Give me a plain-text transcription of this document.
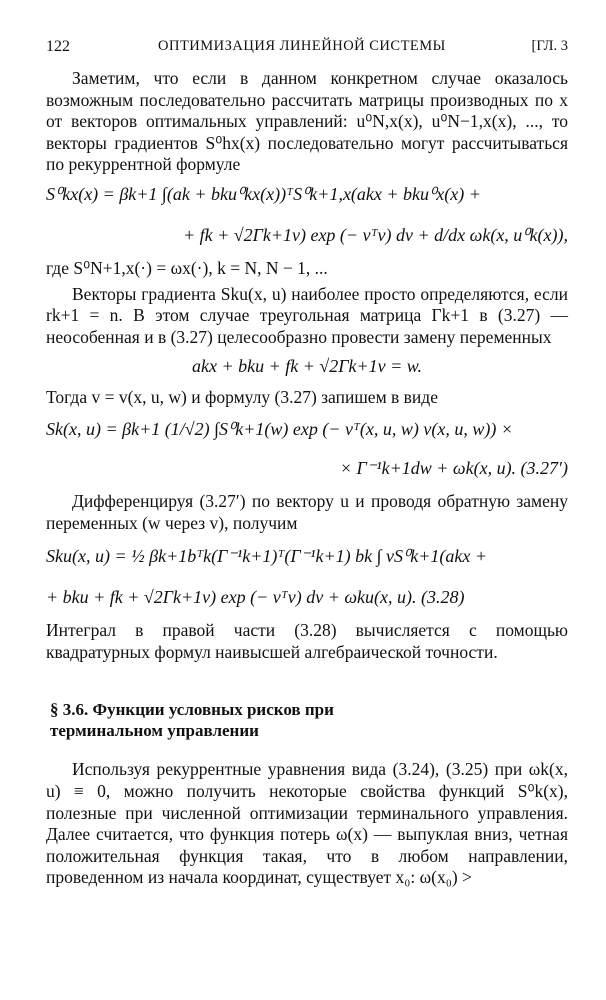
122	ОПТИМИЗАЦИЯ ЛИНЕЙНОЙ СИСТЕМЫ	[ГЛ. 3

Заметим, что если в данном конкретном случае оказалось возможным последовательно рассчитать матрицы производных по x от векторов оптимальных управлений: u⁰N,x(x), u⁰N−1,x(x), ..., то векторы градиентов S⁰hx(x) последовательно могут рассчитываться по рекуррентной формуле

S⁰kx(x) = βk+1 ∫(ak + bku⁰kx(x))ᵀS⁰k+1,x(akx + bku⁰x(x) +

+ fk + √2Γk+1v) exp (− vᵀv) dv + d/dx ωk(x, u⁰k(x)),

где S⁰N+1,x(·) = ωx(·), k = N, N − 1, ...

Векторы градиента Sku(x, u) наиболее просто определяются, если rk+1 = n. В этом случае треугольная матрица Γk+1 в (3.27) — неособенная и в (3.27) целесообразно провести замену переменных

akx + bku + fk + √2Γk+1v = w.

Тогда v = v(x, u, w) и формулу (3.27) запишем в виде

Sk(x, u) = βk+1 (1/√2) ∫S⁰k+1(w) exp (− vᵀ(x, u, w) v(x, u, w)) ×

× Γ⁻¹k+1dw + ωk(x, u). (3.27′)

Дифференцируя (3.27′) по вектору u и проводя обратную замену переменных (w через v), получим

Sku(x, u) = ½ βk+1bᵀk(Γ⁻¹k+1)ᵀ(Γ⁻¹k+1) bk ∫ vS⁰k+1(akx +

+ bku + fk + √2Γk+1v) exp (− vᵀv) dv + ωku(x, u). (3.28)

Интеграл в правой части (3.28) вычисляется с помощью квадратурных формул наивысшей алгебраической точности.

§ 3.6. Функции условных рисков при терминальном управлении

Используя рекуррентные уравнения вида (3.24), (3.25) при ωk(x, u) ≡ 0, можно получить некоторые свойства функций S⁰k(x), полезные при численной оптимизации терминального управления. Далее считается, что функция потерь ω(x) — выпуклая вниз, четная положительная функция такая, что в любом направлении, проведенном из начала координат, существует x₀: ω(x₀) >
